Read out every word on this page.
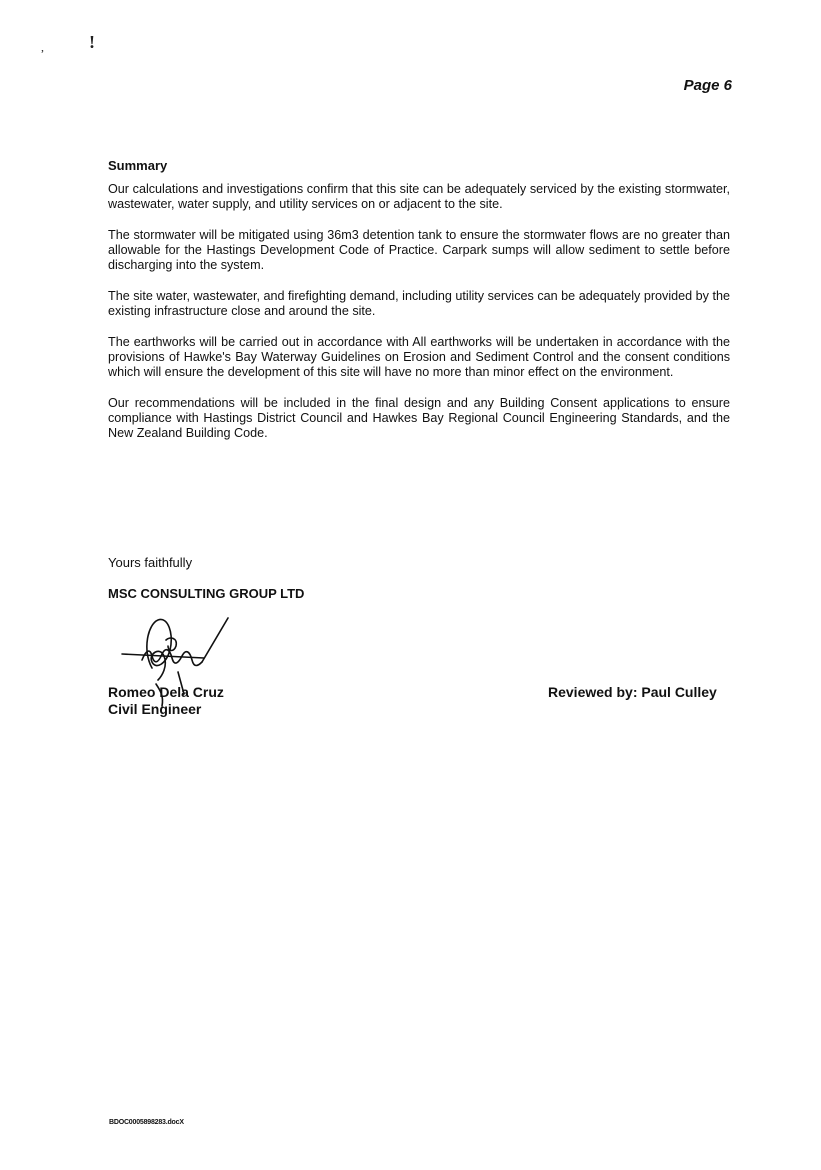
,	!
Page 6
Summary

Our calculations and investigations confirm that this site can be adequately serviced by the existing stormwater, wastewater, water supply, and utility services on or adjacent to the site.

The stormwater will be mitigated using 36m3 detention tank to ensure the stormwater flows are no greater than allowable for the Hastings Development Code of Practice. Carpark sumps will allow sediment to settle before discharging into the system.

The site water, wastewater, and firefighting demand, including utility services can be adequately provided by the existing infrastructure close and around the site.

The earthworks will be carried out in accordance with All earthworks will be undertaken in accordance with the provisions of Hawke's Bay Waterway Guidelines on Erosion and Sediment Control and the consent conditions which will ensure the development of this site will have no more than minor effect on the environment.

Our recommendations will be included in the final design and any Building Consent applications to ensure compliance with Hastings District Council and Hawkes Bay Regional Council Engineering Standards, and the New Zealand Building Code.

Yours faithfully
MSC CONSULTING GROUP LTD
Romeo Dela Cruz
Civil Engineer
Reviewed by: Paul Culley
BDOC0005898283.docX
